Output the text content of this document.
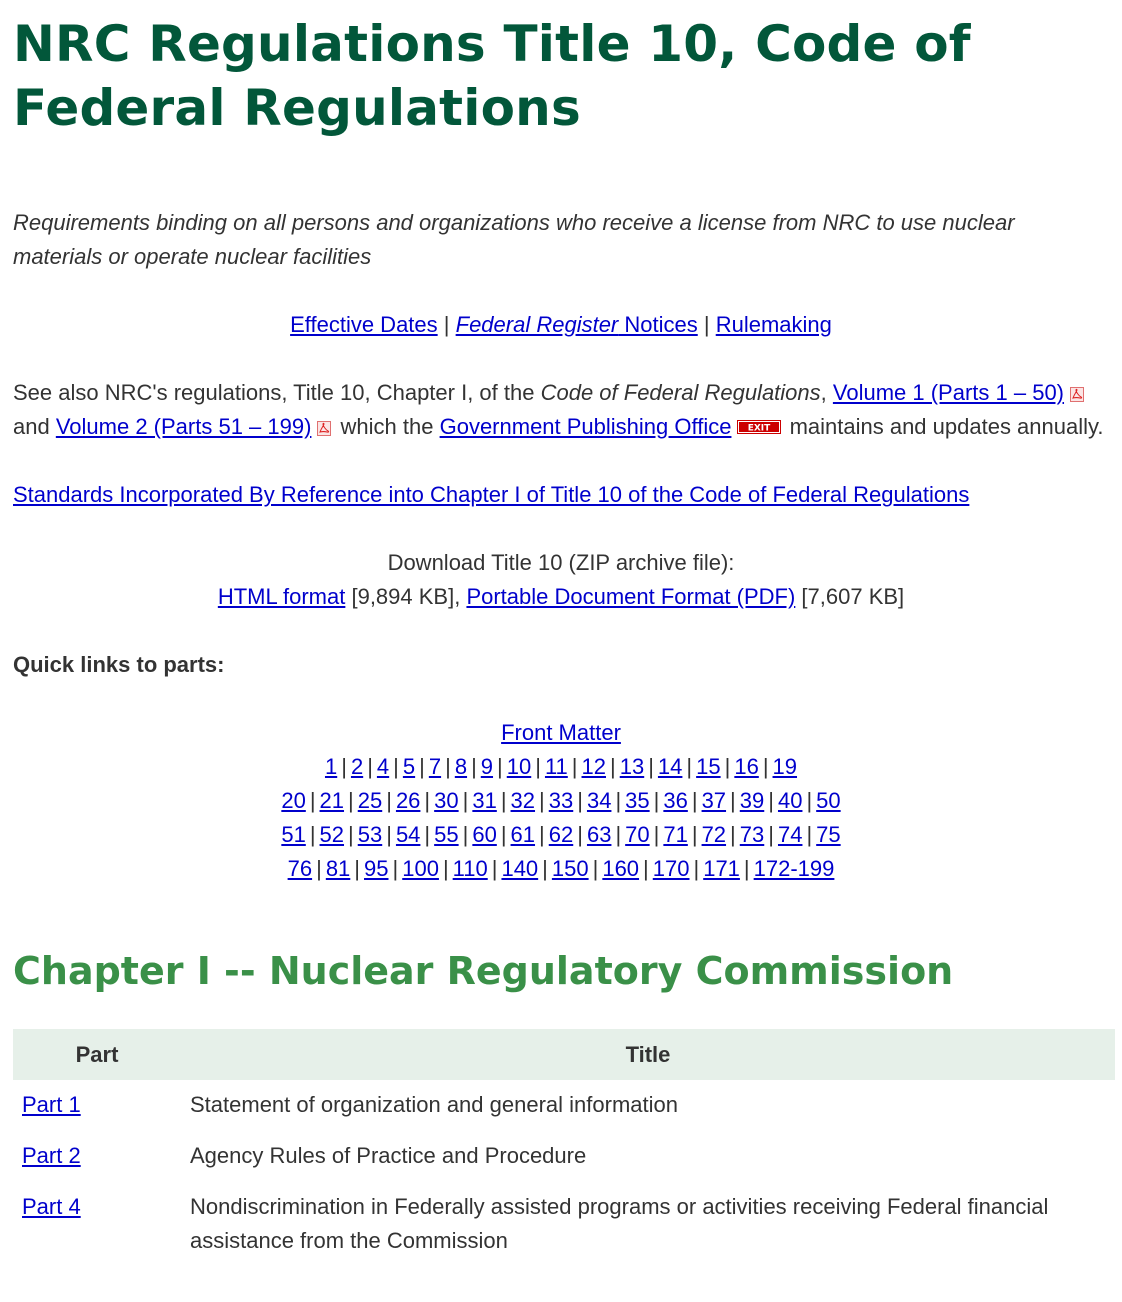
NRC Regulations Title 10, Code of Federal Regulations

Requirements binding on all persons and organizations who receive a license from NRC to use nuclear materials or operate nuclear facilities

Effective Dates | Federal Register Notices | Rulemaking
See also NRC's regulations, Title 10, Chapter I, of the Code of Federal Regulations, Volume 1 (Parts 1 – 50) and Volume 2 (Parts 51 – 199) which the Government Publishing Office EXIT maintains and updates annually.
Standards Incorporated By Reference into Chapter I of Title 10 of the Code of Federal Regulations
Download Title 10 (ZIP archive file):
HTML format [9,894 KB], Portable Document Format (PDF) [7,607 KB]
Quick links to parts:
Front Matter
1 | 2 | 4 | 5 | 7 | 8 | 9 | 10 | 11 | 12 | 13 | 14 | 15 | 16 | 19
20 | 21 | 25 | 26 | 30 | 31 | 32 | 33 | 34 | 35 | 36 | 37 | 39 | 40 | 50
51 | 52 | 53 | 54 | 55 | 60 | 61 | 62 | 63 | 70 | 71 | 72 | 73 | 74 | 75
76 | 81 | 95 | 100 | 110 | 140 | 150 | 160 | 170 | 171 | 172-199
Chapter I -- Nuclear Regulatory Commission
Part	Title
Part 1	Statement of organization and general information
Part 2	Agency Rules of Practice and Procedure
Part 4	Nondiscrimination in Federally assisted programs or activities receiving Federal financial assistance from the Commission
